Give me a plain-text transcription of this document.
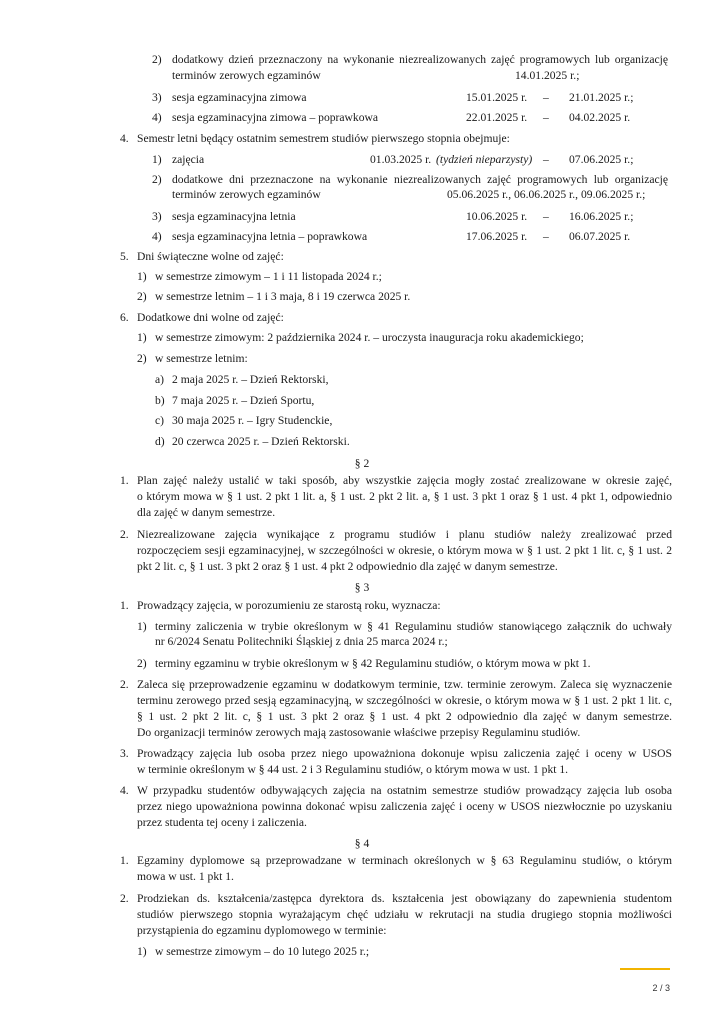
2) dodatkowy dzień przeznaczony na wykonanie niezrealizowanych zajęć programowych lub organizację
terminów zerowych egzaminów	14.01.2025 r.;
3) sesja egzaminacyjna zimowa	15.01.2025 r. – 21.01.2025 r.;
4) sesja egzaminacyjna zimowa – poprawkowa	22.01.2025 r. – 04.02.2025 r.
4. Semestr letni będący ostatnim semestrem studiów pierwszego stopnia obejmuje:
1) zajęcia	01.03.2025 r. (tydzień nieparzysty) – 07.06.2025 r.;
2) dodatkowe dni przeznaczone na wykonanie niezrealizowanych zajęć programowych lub organizację
terminów zerowych egzaminów	05.06.2025 r., 06.06.2025 r., 09.06.2025 r.;
3) sesja egzaminacyjna letnia	10.06.2025 r. – 16.06.2025 r.;
4) sesja egzaminacyjna letnia – poprawkowa	17.06.2025 r. – 06.07.2025 r.
5. Dni świąteczne wolne od zajęć:
1) w semestrze zimowym – 1 i 11 listopada 2024 r.;
2) w semestrze letnim – 1 i 3 maja, 8 i 19 czerwca 2025 r.
6. Dodatkowe dni wolne od zajęć:
1) w semestrze zimowym: 2 października 2024 r. – uroczysta inauguracja roku akademickiego;
2) w semestrze letnim:
a) 2 maja 2025 r. – Dzień Rektorski,
b) 7 maja 2025 r. – Dzień Sportu,
c) 30 maja 2025 r. – Igry Studenckie,
d) 20 czerwca 2025 r. – Dzień Rektorski.
§ 2
1. Plan zajęć należy ustalić w taki sposób, aby wszystkie zajęcia mogły zostać zrealizowane w okresie zajęć,
o którym mowa w § 1 ust. 2 pkt 1 lit. a, § 1 ust. 2 pkt 2 lit. a, § 1 ust. 3 pkt 1 oraz § 1 ust. 4 pkt 1, odpowiednio
dla zajęć w danym semestrze.
2. Niezrealizowane zajęcia wynikające z programu studiów i planu studiów należy zrealizować przed
rozpoczęciem sesji egzaminacyjnej, w szczególności w okresie, o którym mowa w § 1 ust. 2 pkt 1 lit. c, § 1 ust. 2
pkt 2 lit. c, § 1 ust. 3 pkt 2 oraz § 1 ust. 4 pkt 2 odpowiednio dla zajęć w danym semestrze.
§ 3
1. Prowadzący zajęcia, w porozumieniu ze starostą roku, wyznacza:
1) terminy zaliczenia w trybie określonym w § 41 Regulaminu studiów stanowiącego załącznik do uchwały
nr 6/2024 Senatu Politechniki Śląskiej z dnia 25 marca 2024 r.;
2) terminy egzaminu w trybie określonym w § 42 Regulaminu studiów, o którym mowa w pkt 1.
2. Zaleca się przeprowadzenie egzaminu w dodatkowym terminie, tzw. terminie zerowym. Zaleca się wyznaczenie
terminu zerowego przed sesją egzaminacyjną, w szczególności w okresie, o którym mowa w § 1 ust. 2 pkt 1 lit. c,
§ 1 ust. 2 pkt 2 lit. c, § 1 ust. 3 pkt 2 oraz § 1 ust. 4 pkt 2 odpowiednio dla zajęć w danym semestrze.
Do organizacji terminów zerowych mają zastosowanie właściwe przepisy Regulaminu studiów.
3. Prowadzący zajęcia lub osoba przez niego upoważniona dokonuje wpisu zaliczenia zajęć i oceny w USOS
w terminie określonym w § 44 ust. 2 i 3 Regulaminu studiów, o którym mowa w ust. 1 pkt 1.
4. W przypadku studentów odbywających zajęcia na ostatnim semestrze studiów prowadzący zajęcia lub osoba
przez niego upoważniona powinna dokonać wpisu zaliczenia zajęć i oceny w USOS niezwłocznie po uzyskaniu
przez studenta tej oceny i zaliczenia.
§ 4
1. Egzaminy dyplomowe są przeprowadzane w terminach określonych w § 63 Regulaminu studiów, o którym
mowa w ust. 1 pkt 1.
2. Prodziekan ds. kształcenia/zastępca dyrektora ds. kształcenia jest obowiązany do zapewnienia studentom
studiów pierwszego stopnia wyrażającym chęć udziału w rekrutacji na studia drugiego stopnia możliwości
przystąpienia do egzaminu dyplomowego w terminie:
1) w semestrze zimowym – do 10 lutego 2025 r.;
2 / 3
